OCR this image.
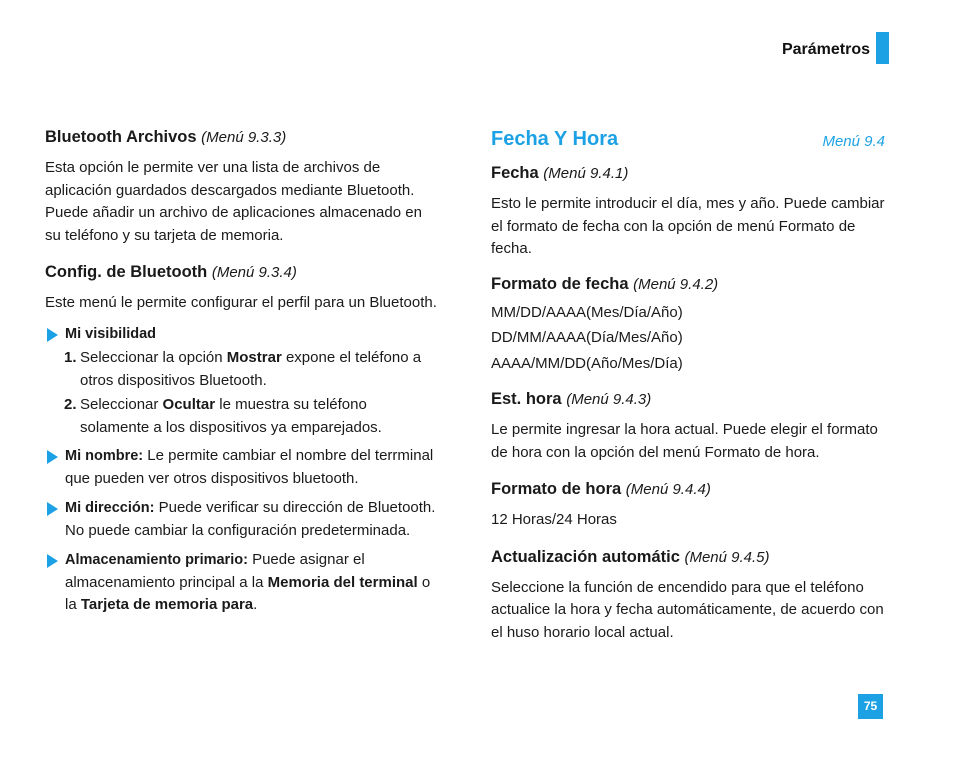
Parámetros
Bluetooth Archivos (Menú 9.3.3)
Esta opción le permite ver una lista de archivos de aplicación guardados descargados mediante Bluetooth. Puede añadir un archivo de aplicaciones almacenado en su teléfono y su tarjeta de memoria.
Config. de Bluetooth (Menú 9.3.4)
Este menú le permite configurar el perfil para un Bluetooth.
Mi visibilidad
1. Seleccionar la opción Mostrar expone el teléfono a otros dispositivos Bluetooth.
2. Seleccionar Ocultar le muestra su teléfono solamente a los dispositivos ya emparejados.
Mi nombre: Le permite cambiar el nombre del terrminal que pueden ver otros dispositivos bluetooth.
Mi dirección: Puede verificar su dirección de Bluetooth. No puede cambiar la configuración predeterminada.
Almacenamiento primario: Puede asignar el almacenamiento principal a la Memoria del terminal o la Tarjeta de memoria para.
Fecha Y Hora	Menú 9.4
Fecha (Menú 9.4.1)
Esto le permite introducir el día, mes y año. Puede cambiar el formato de fecha con la opción de menú Formato de fecha.
Formato de fecha (Menú 9.4.2)
MM/DD/AAAA(Mes/Día/Año)
DD/MM/AAAA(Día/Mes/Año)
AAAA/MM/DD(Año/Mes/Día)
Est. hora (Menú 9.4.3)
Le permite ingresar la hora actual. Puede elegir el formato de hora con la opción del menú Formato de hora.
Formato de hora (Menú 9.4.4)
12 Horas/24 Horas
Actualización automátic (Menú 9.4.5)
Seleccione la función de encendido para que el teléfono actualice la hora y fecha automáticamente, de acuerdo con el huso horario local actual.
75
